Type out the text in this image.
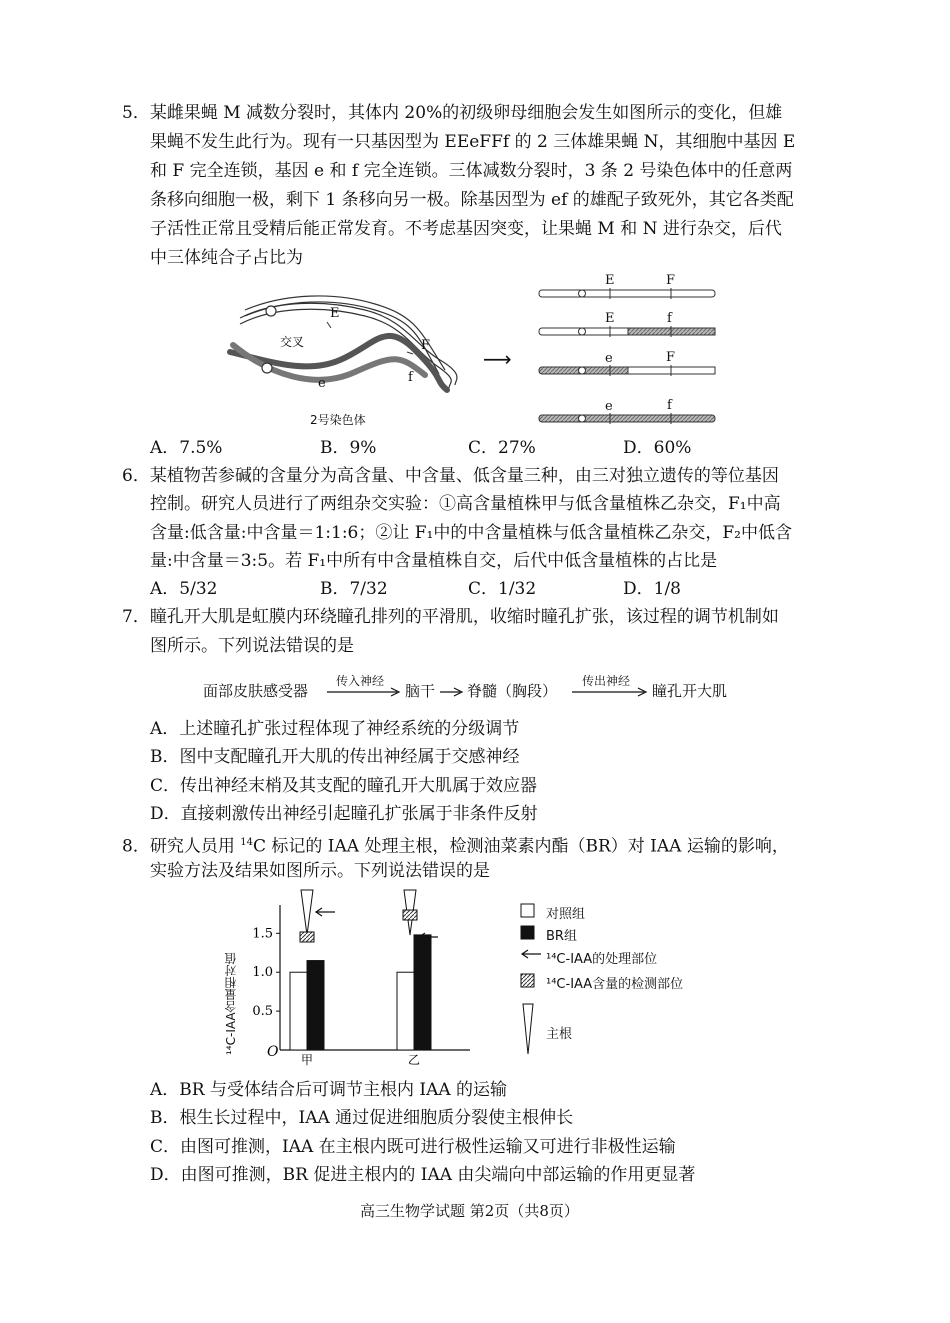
5．某雌果蝇 M 减数分裂时，其体内 20%的初级卵母细胞会发生如图所示的变化，但雄
果蝇不发生此行为。现有一只基因型为 EEeFFf 的 2 三体雄果蝇 N，其细胞中基因 E
和 F 完全连锁，基因 e 和 f 完全连锁。三体减数分裂时，3 条 2 号染色体中的任意两
条移向细胞一极，剩下 1 条移向另一极。除基因型为 ef 的雄配子致死外，其它各类配
子活性正常且受精后能正常发育。不考虑基因突变，让果蝇 M 和 N 进行杂交，后代
中三体纯合子占比为
交叉
E
F
e	f
2号染色体
⟶
E	F
E	f
e	F
e	f
A．7.5%	B．9%	C．27%	D．60%
6．某植物苦参碱的含量分为高含量、中含量、低含量三种，由三对独立遗传的等位基因
控制。研究人员进行了两组杂交实验：①高含量植株甲与低含量植株乙杂交，F₁中高
含量:低含量:中含量＝1:1:6；②让 F₁中的中含量植株与低含量植株乙杂交，F₂中低含
量:中含量＝3:5。若 F₁中所有中含量植株自交，后代中低含量植株的占比是
A．5/32	B．7/32	C．1/32	D．1/8
7．瞳孔开大肌是虹膜内环绕瞳孔排列的平滑肌，收缩时瞳孔扩张，该过程的调节机制如
图所示。下列说法错误的是
面部皮肤感受器
传入神经
脑干 脊髓（胸段）
传出神经
瞳孔开大肌
A．上述瞳孔扩张过程体现了神经系统的分级调节
B．图中支配瞳孔开大肌的传出神经属于交感神经
C．传出神经末梢及其支配的瞳孔开大肌属于效应器
D．直接刺激传出神经引起瞳孔扩张属于非条件反射
8．研究人员用 $^{14}$C 标记的 IAA 处理主根，检测油菜素内酯（BR）对 IAA 运输的影响，
实验方法及结果如图所示。下列说法错误的是
O
0.5
1.0
1.5
甲	乙
¹⁴C-IAA含量相对值
对照组
BR组
¹⁴C-IAA的处理部位
¹⁴C-IAA含量的检测部位
主根
A．BR 与受体结合后可调节主根内 IAA 的运输
B．根生长过程中，IAA 通过促进细胞质分裂使主根伸长
C．由图可推测，IAA 在主根内既可进行极性运输又可进行非极性运输
D．由图可推测，BR 促进主根内的 IAA 由尖端向中部运输的作用更显著
高三生物学试题 第2页（共8页）
